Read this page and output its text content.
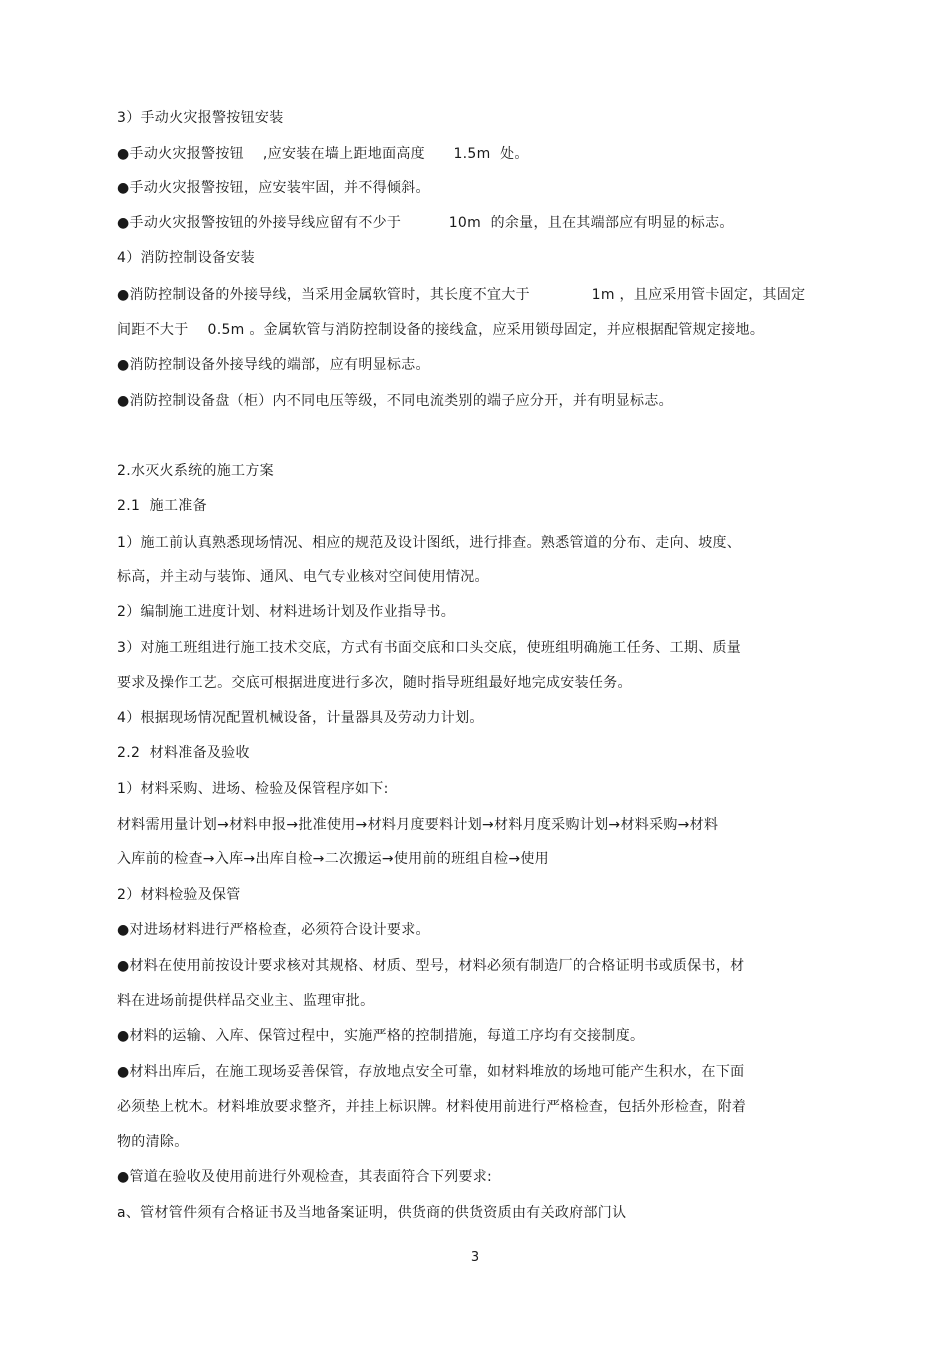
3）手动火灾报警按钮安装
●手动火灾报警按钮    ,应安装在墙上距地面高度      1.5m  处。
●手动火灾报警按钮，应安装牢固，并不得倾斜。
●手动火灾报警按钮的外接导线应留有不少于          10m  的余量，且在其端部应有明显的标志。
4）消防控制设备安装
●消防控制设备的外接导线，当采用金属软管时，其长度不宜大于             1m ，且应采用管卡固定，其固定
间距不大于    0.5m 。金属软管与消防控制设备的接线盒，应采用锁母固定，并应根据配管规定接地。
●消防控制设备外接导线的端部，应有明显标志。
●消防控制设备盘（柜）内不同电压等级，不同电流类别的端子应分开，并有明显标志。
2.水灭火系统的施工方案
2.1  施工准备
1）施工前认真熟悉现场情况、相应的规范及设计图纸，进行排查。熟悉管道的分布、走向、坡度、
标高，并主动与装饰、通风、电气专业核对空间使用情况。
2）编制施工进度计划、材料进场计划及作业指导书。
3）对施工班组进行施工技术交底，方式有书面交底和口头交底，使班组明确施工任务、工期、质量
要求及操作工艺。交底可根据进度进行多次，随时指导班组最好地完成安装任务。
4）根据现场情况配置机械设备，计量器具及劳动力计划。
2.2  材料准备及验收
1）材料采购、进场、检验及保管程序如下:
材料需用量计划→材料申报→批准使用→材料月度要料计划→材料月度采购计划→材料采购→材料
入库前的检查→入库→出库自检→二次搬运→使用前的班组自检→使用
2）材料检验及保管
●对进场材料进行严格检查，必须符合设计要求。
●材料在使用前按设计要求核对其规格、材质、型号，材料必须有制造厂的合格证明书或质保书，材
料在进场前提供样品交业主、监理审批。
●材料的运输、入库、保管过程中，实施严格的控制措施，每道工序均有交接制度。
●材料出库后，在施工现场妥善保管，存放地点安全可靠，如材料堆放的场地可能产生积水，在下面
必须垫上枕木。材料堆放要求整齐，并挂上标识牌。材料使用前进行严格检查，包括外形检查，附着
物的清除。
●管道在验收及使用前进行外观检查，其表面符合下列要求:
a、管材管件须有合格证书及当地备案证明，供货商的供货资质由有关政府部门认
3
